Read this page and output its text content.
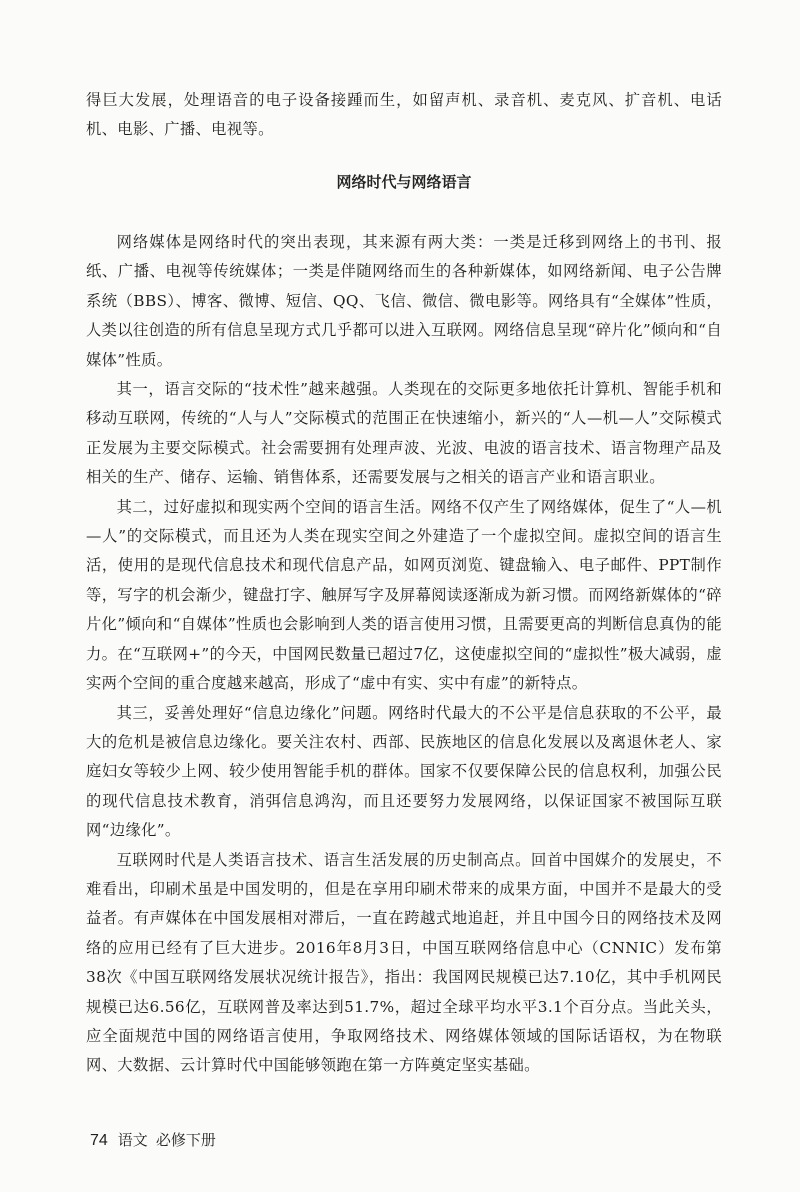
得巨大发展，处理语音的电子设备接踵而生，如留声机、录音机、麦克风、扩音机、电话机、电影、广播、电视等。

网络时代与网络语言

网络媒体是网络时代的突出表现，其来源有两大类：一类是迁移到网络上的书刊、报纸、广播、电视等传统媒体；一类是伴随网络而生的各种新媒体，如网络新闻、电子公告牌系统（BBS）、博客、微博、短信、QQ、飞信、微信、微电影等。网络具有“全媒体”性质，人类以往创造的所有信息呈现方式几乎都可以进入互联网。网络信息呈现“碎片化”倾向和“自媒体”性质。

其一，语言交际的“技术性”越来越强。人类现在的交际更多地依托计算机、智能手机和移动互联网，传统的“人与人”交际模式的范围正在快速缩小，新兴的“人—机—人”交际模式正发展为主要交际模式。社会需要拥有处理声波、光波、电波的语言技术、语言物理产品及相关的生产、储存、运输、销售体系，还需要发展与之相关的语言产业和语言职业。

其二，过好虚拟和现实两个空间的语言生活。网络不仅产生了网络媒体，促生了“人—机—人”的交际模式，而且还为人类在现实空间之外建造了一个虚拟空间。虚拟空间的语言生活，使用的是现代信息技术和现代信息产品，如网页浏览、键盘输入、电子邮件、PPT制作等，写字的机会渐少，键盘打字、触屏写字及屏幕阅读逐渐成为新习惯。而网络新媒体的“碎片化”倾向和“自媒体”性质也会影响到人类的语言使用习惯，且需要更高的判断信息真伪的能力。在“互联网+”的今天，中国网民数量已超过7亿，这使虚拟空间的“虚拟性”极大减弱，虚实两个空间的重合度越来越高，形成了“虚中有实、实中有虚”的新特点。

其三，妥善处理好“信息边缘化”问题。网络时代最大的不公平是信息获取的不公平，最大的危机是被信息边缘化。要关注农村、西部、民族地区的信息化发展以及离退休老人、家庭妇女等较少上网、较少使用智能手机的群体。国家不仅要保障公民的信息权利，加强公民的现代信息技术教育，消弭信息鸿沟，而且还要努力发展网络，以保证国家不被国际互联网“边缘化”。

互联网时代是人类语言技术、语言生活发展的历史制高点。回首中国媒介的发展史，不难看出，印刷术虽是中国发明的，但是在享用印刷术带来的成果方面，中国并不是最大的受益者。有声媒体在中国发展相对滞后，一直在跨越式地追赶，并且中国今日的网络技术及网络的应用已经有了巨大进步。2016年8月3日，中国互联网络信息中心（CNNIC）发布第38次《中国互联网络发展状况统计报告》，指出：我国网民规模已达7.10亿，其中手机网民规模已达6.56亿，互联网普及率达到51.7%，超过全球平均水平3.1个百分点。当此关头，应全面规范中国的网络语言使用，争取网络技术、网络媒体领域的国际话语权，为在物联网、大数据、云计算时代中国能够领跑在第一方阵奠定坚实基础。

74 语文 必修下册
